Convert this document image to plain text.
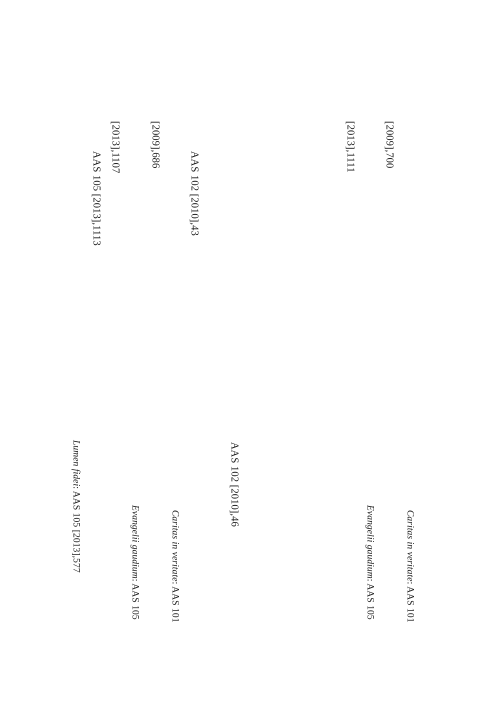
[2009],700
Caritas in veritate: AAS 101
[2013],1111
Evangelii gaudium: AAS 105
AAS 102 [2010],46
AAS 102 [2010],43
Caritas in veritate: AAS 101
[2009],686
Evangelii gaudium: AAS 105
[2013],1107
AAS 105 [2013],1113
Lumen fidei: AAS 105 [2013],577
